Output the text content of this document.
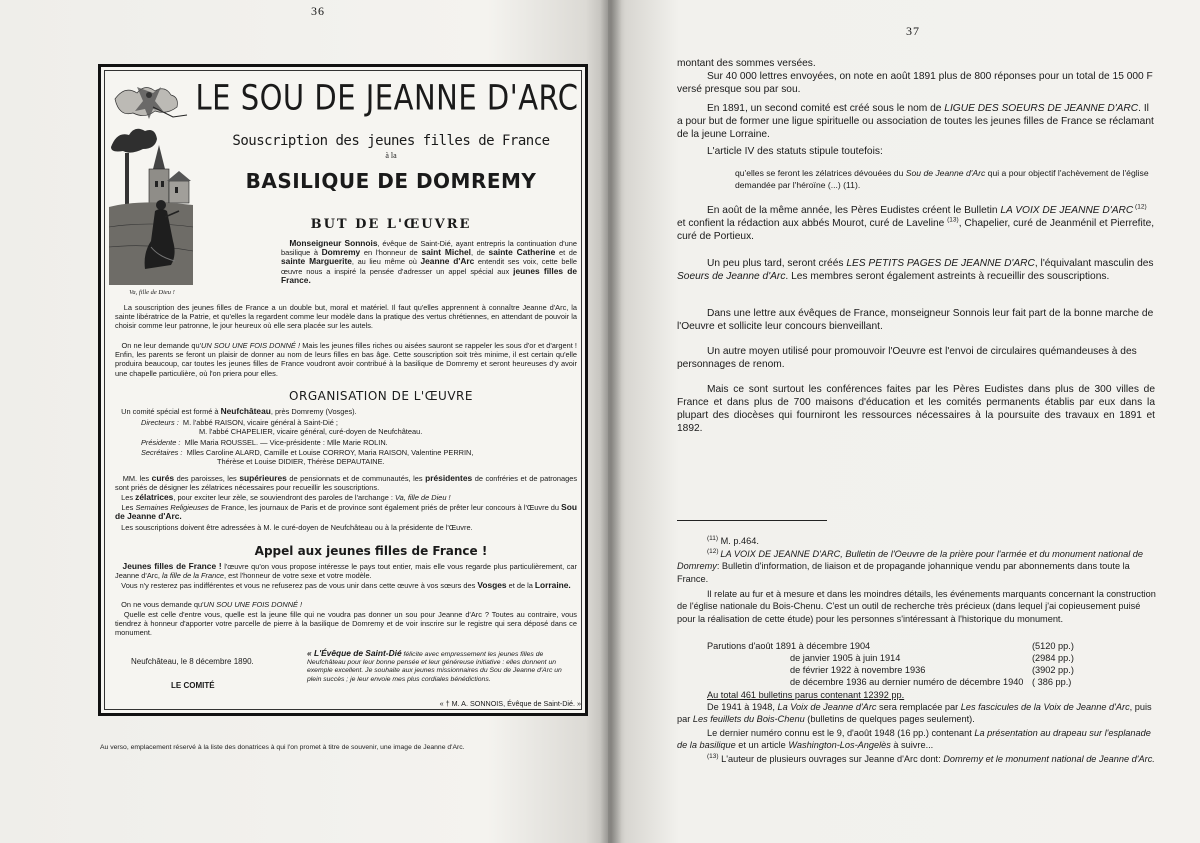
36
Va, fille de Dieu !
LE SOU DE JEANNE D'ARC
Souscription des jeunes filles de France
à la
BASILIQUE DE DOMREMY
BUT DE L'ŒUVRE
Monseigneur Sonnois, évêque de Saint-Dié, ayant entrepris la continuation d'une basilique à Domremy en l'honneur de saint Michel, de sainte Catherine et de sainte Marguerite, au lieu même où Jeanne d'Arc entendit ses voix, cette belle œuvre nous a inspiré la pensée d'adresser un appel spécial aux jeunes filles de France.
La souscription des jeunes filles de France a un double but, moral et matériel. Il faut qu'elles apprennent à connaître Jeanne d'Arc, la sainte libératrice de la Patrie, et qu'elles la regardent comme leur modèle dans la pratique des vertus chrétiennes, en attendant de pouvoir la choisir comme leur patronne, le jour heureux où elle sera placée sur les autels.
On ne leur demande qu'UN SOU UNE FOIS DONNÉ ! Mais les jeunes filles riches ou aisées sauront se rappeler les sous d'or et d'argent ! Enfin, les parents se feront un plaisir de donner au nom de leurs filles en bas âge. Cette souscription soit très minime, il est certain qu'elle produira beaucoup, car toutes les jeunes filles de France voudront avoir contribué à la basilique de Domremy et seront heureuses d'y avoir une chapelle particulière, où l'on priera pour elles.
ORGANISATION DE L'ŒUVRE
Un comité spécial est formé à Neufchâteau, près Domremy (Vosges).
Directeurs : M. l'abbé RAISON, vicaire général à Saint-Dié ;
M. l'abbé CHAPELIER, vicaire général, curé-doyen de Neufchâteau.
Présidente : Mlle Maria ROUSSEL. — Vice-présidente : Mlle Marie ROLIN.
Secrétaires : Mlles Caroline ALARD, Camille et Louise CORROY, Maria RAISON, Valentine PERRIN,
Thérèse et Louise DIDIER, Thérèse DEPAUTAINE.
MM. les curés des paroisses, les supérieures de pensionnats et de communautés, les présidentes de confréries et de patronages sont priés de désigner les zélatrices nécessaires pour recueillir les souscriptions.
Les zélatrices, pour exciter leur zèle, se souviendront des paroles de l'archange : Va, fille de Dieu !
Les Semaines Religieuses de France, les journaux de Paris et de province sont également priés de prêter leur concours à l'Œuvre du Sou de Jeanne d'Arc.
Les souscriptions doivent être adressées à M. le curé-doyen de Neufchâteau ou à la présidente de l'Œuvre.
Appel aux jeunes filles de France !
Jeunes filles de France ! l'œuvre qu'on vous propose intéresse le pays tout entier, mais elle vous regarde plus particulièrement, car Jeanne d'Arc, la fille de la France, est l'honneur de votre sexe et votre modèle.
Vous n'y resterez pas indifférentes et vous ne refuserez pas de vous unir dans cette œuvre à vos sœurs des Vosges et de la Lorraine.
On ne vous demande qu'UN SOU UNE FOIS DONNÉ !
Quelle est celle d'entre vous, quelle est la jeune fille qui ne voudra pas donner un sou pour Jeanne d'Arc ? Toutes au contraire, vous tiendrez à honneur d'apporter votre parcelle de pierre à la basilique de Domremy et de voir inscrire sur le registre qui sera déposé dans ce monument.
Neufchâteau, le 8 décembre 1890.
LE COMITÉ
« L'Évêque de Saint-Dié félicite avec empressement les jeunes filles de Neufchâteau pour leur bonne pensée et leur généreuse initiative : elles donnent un exemple excellent. Je souhaite aux jeunes missionnaires du Sou de Jeanne d'Arc un plein succès ; je leur envoie mes plus cordiales bénédictions.
« † M. A. SONNOIS, Évêque de Saint-Dié. »
Au verso, emplacement réservé à la liste des donatrices à qui l'on promet à titre de souvenir, une image de Jeanne d'Arc.
37

montant des sommes versées.

Sur 40 000 lettres envoyées, on note en août 1891 plus de 800 réponses pour un total de 15 000 F versé presque sou par sou.

En 1891, un second comité est créé sous le nom de LIGUE DES SOEURS DE JEANNE D'ARC. Il a pour but de former une ligue spirituelle ou association de toutes les jeunes filles de France se réclamant de la jeune Lorraine.

L'article IV des statuts stipule toutefois:

qu'elles se feront les zélatrices dévouées du Sou de Jeanne d'Arc qui a pour objectif l'achèvement de l'église demandée par l'héroïne (...) (11).

En août de la même année, les Pères Eudistes créent le Bulletin LA VOIX DE JEANNE D'ARC $^{(12)}$ et confient la rédaction aux abbés Mourot, curé de Laveline $^{(13)}$, Chapelier, curé de Jeanménil et Pierrefite, curé de Portieux.

Un peu plus tard, seront créés LES PETITS PAGES DE JEANNE D'ARC, l'équivalant masculin des Soeurs de Jeanne d'Arc. Les membres seront également astreints à recueillir des souscriptions.

Dans une lettre aux évêques de France, monseigneur Sonnois leur fait part de la bonne marche de l'Oeuvre et sollicite leur concours bienveillant.

Un autre moyen utilisé pour promouvoir l'Oeuvre est l'envoi de circulaires quémandeuses à des personnages de renom.

Mais ce sont surtout les conférences faites par les Pères Eudistes dans plus de 300 villes de France et dans plus de 700 maisons d'éducation et les comités permanents établis par eux dans la plupart des diocèses qui fourniront les ressources nécessaires à la poursuite des travaux en 1891 et 1892.

$^{(11)}$ M. p.464.
$^{(12)}$ LA VOIX DE JEANNE D'ARC, Bulletin de l'Oeuvre de la prière pour l'armée et du monument national de Domremy: Bulletin d'information, de liaison et de propagande johannique vendu par abonnements dans toute la France.
Il relate au fur et à mesure et dans les moindres détails, les événements marquants concernant la construction de l'église nationale du Bois-Chenu. C'est un outil de recherche très précieux (dans lequel j'ai copieusement puisé pour la réalisation de cette étude) pour les personnes s'intéressant à l'historique du monument.
Parutions d'août 1891 à décembre 1904	(5120 pp.)
de janvier 1905 à juin 1914	(2984 pp.)
de février 1922 à novembre 1936	(3902 pp.)
de décembre 1936 au dernier numéro de décembre 1940 ( 386 pp.)
Au total 461 bulletins parus contenant 12392 pp.
De 1941 à 1948, La Voix de Jeanne d'Arc sera remplacée par Les fascicules de la Voix de Jeanne d'Arc, puis par Les feuillets du Bois-Chenu (bulletins de quelques pages seulement).
Le dernier numéro connu est le 9, d'août 1948 (16 pp.) contenant La présentation au drapeau sur l'esplanade de la basilique et un article Washington-Los-Angelès à suivre...
$^{(13)}$ L'auteur de plusieurs ouvrages sur Jeanne d'Arc dont: Domremy et le monument national de Jeanne d'Arc.
